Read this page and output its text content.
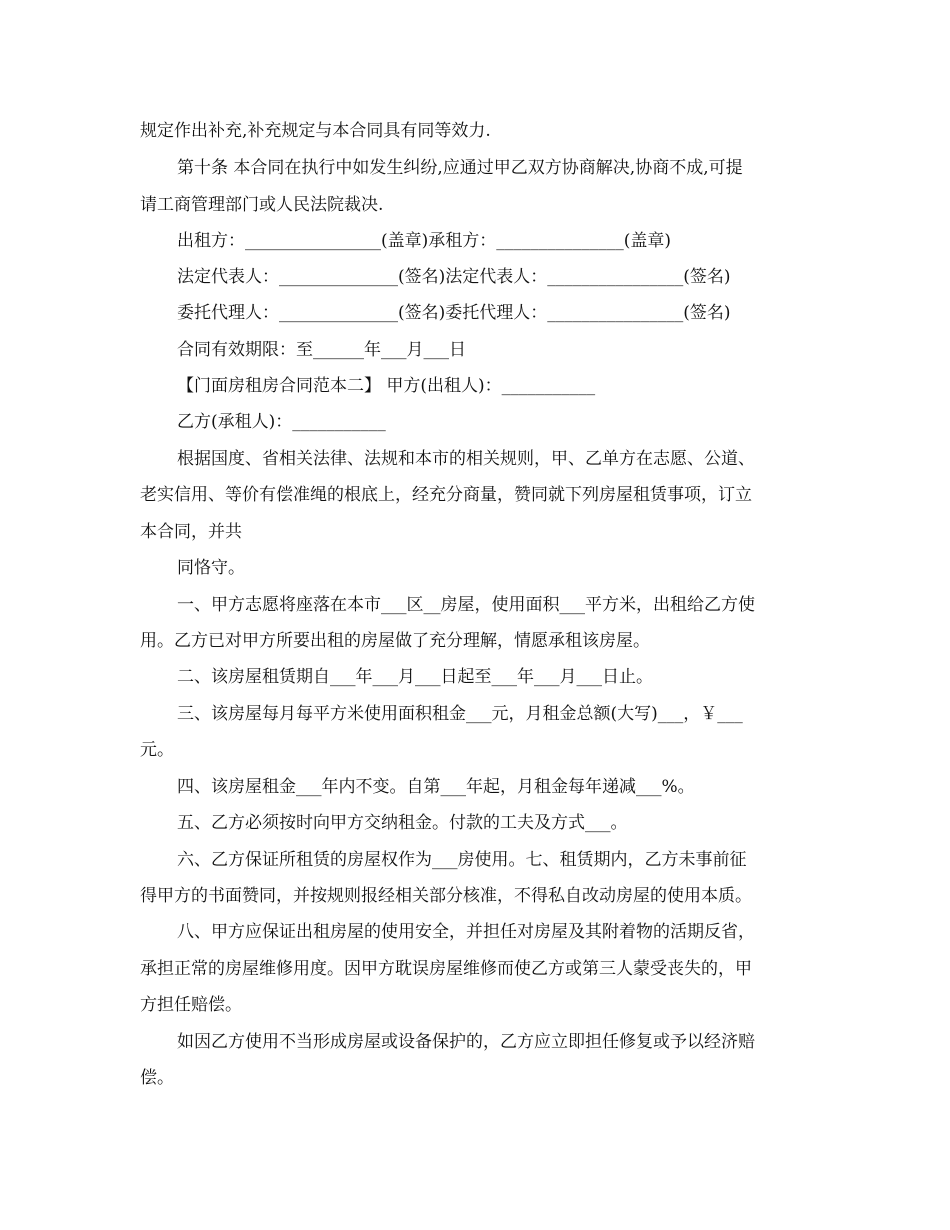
规定作出补充,补充规定与本合同具有同等效力.
第十条 本合同在执行中如发生纠纷,应通过甲乙双方协商解决,协商不成,可提
请工商管理部门或人民法院裁决.
出租方：________________(盖章)承租方：_______________(盖章)
法定代表人：______________(签名)法定代表人：________________(签名)
委托代理人：______________(签名)委托代理人：________________(签名)
合同有效期限：至______年___月___日
【门面房租房合同范本二】 甲方(出租人)：___________
乙方(承租人)：___________
根据国度、省相关法律、法规和本市的相关规则，甲、乙单方在志愿、公道、
老实信用、等价有偿准绳的根底上，经充分商量，赞同就下列房屋租赁事项，订立
本合同，并共
同恪守。
一、甲方志愿将座落在本市___区__房屋，使用面积___平方米，出租给乙方使
用。乙方已对甲方所要出租的房屋做了充分理解，情愿承租该房屋。
二、该房屋租赁期自___年___月___日起至___年___月___日止。
三、该房屋每月每平方米使用面积租金___元，月租金总额(大写)___，￥___
元。
四、该房屋租金___年内不变。自第___年起，月租金每年递减___%。
五、乙方必须按时向甲方交纳租金。付款的工夫及方式___。
六、乙方保证所租赁的房屋权作为___房使用。七、租赁期内，乙方未事前征
得甲方的书面赞同，并按规则报经相关部分核准，不得私自改动房屋的使用本质。
八、甲方应保证出租房屋的使用安全，并担任对房屋及其附着物的活期反省，
承担正常的房屋维修用度。因甲方耽误房屋维修而使乙方或第三人蒙受丧失的，甲
方担任赔偿。
如因乙方使用不当形成房屋或设备保护的，乙方应立即担任修复或予以经济赔
偿。
